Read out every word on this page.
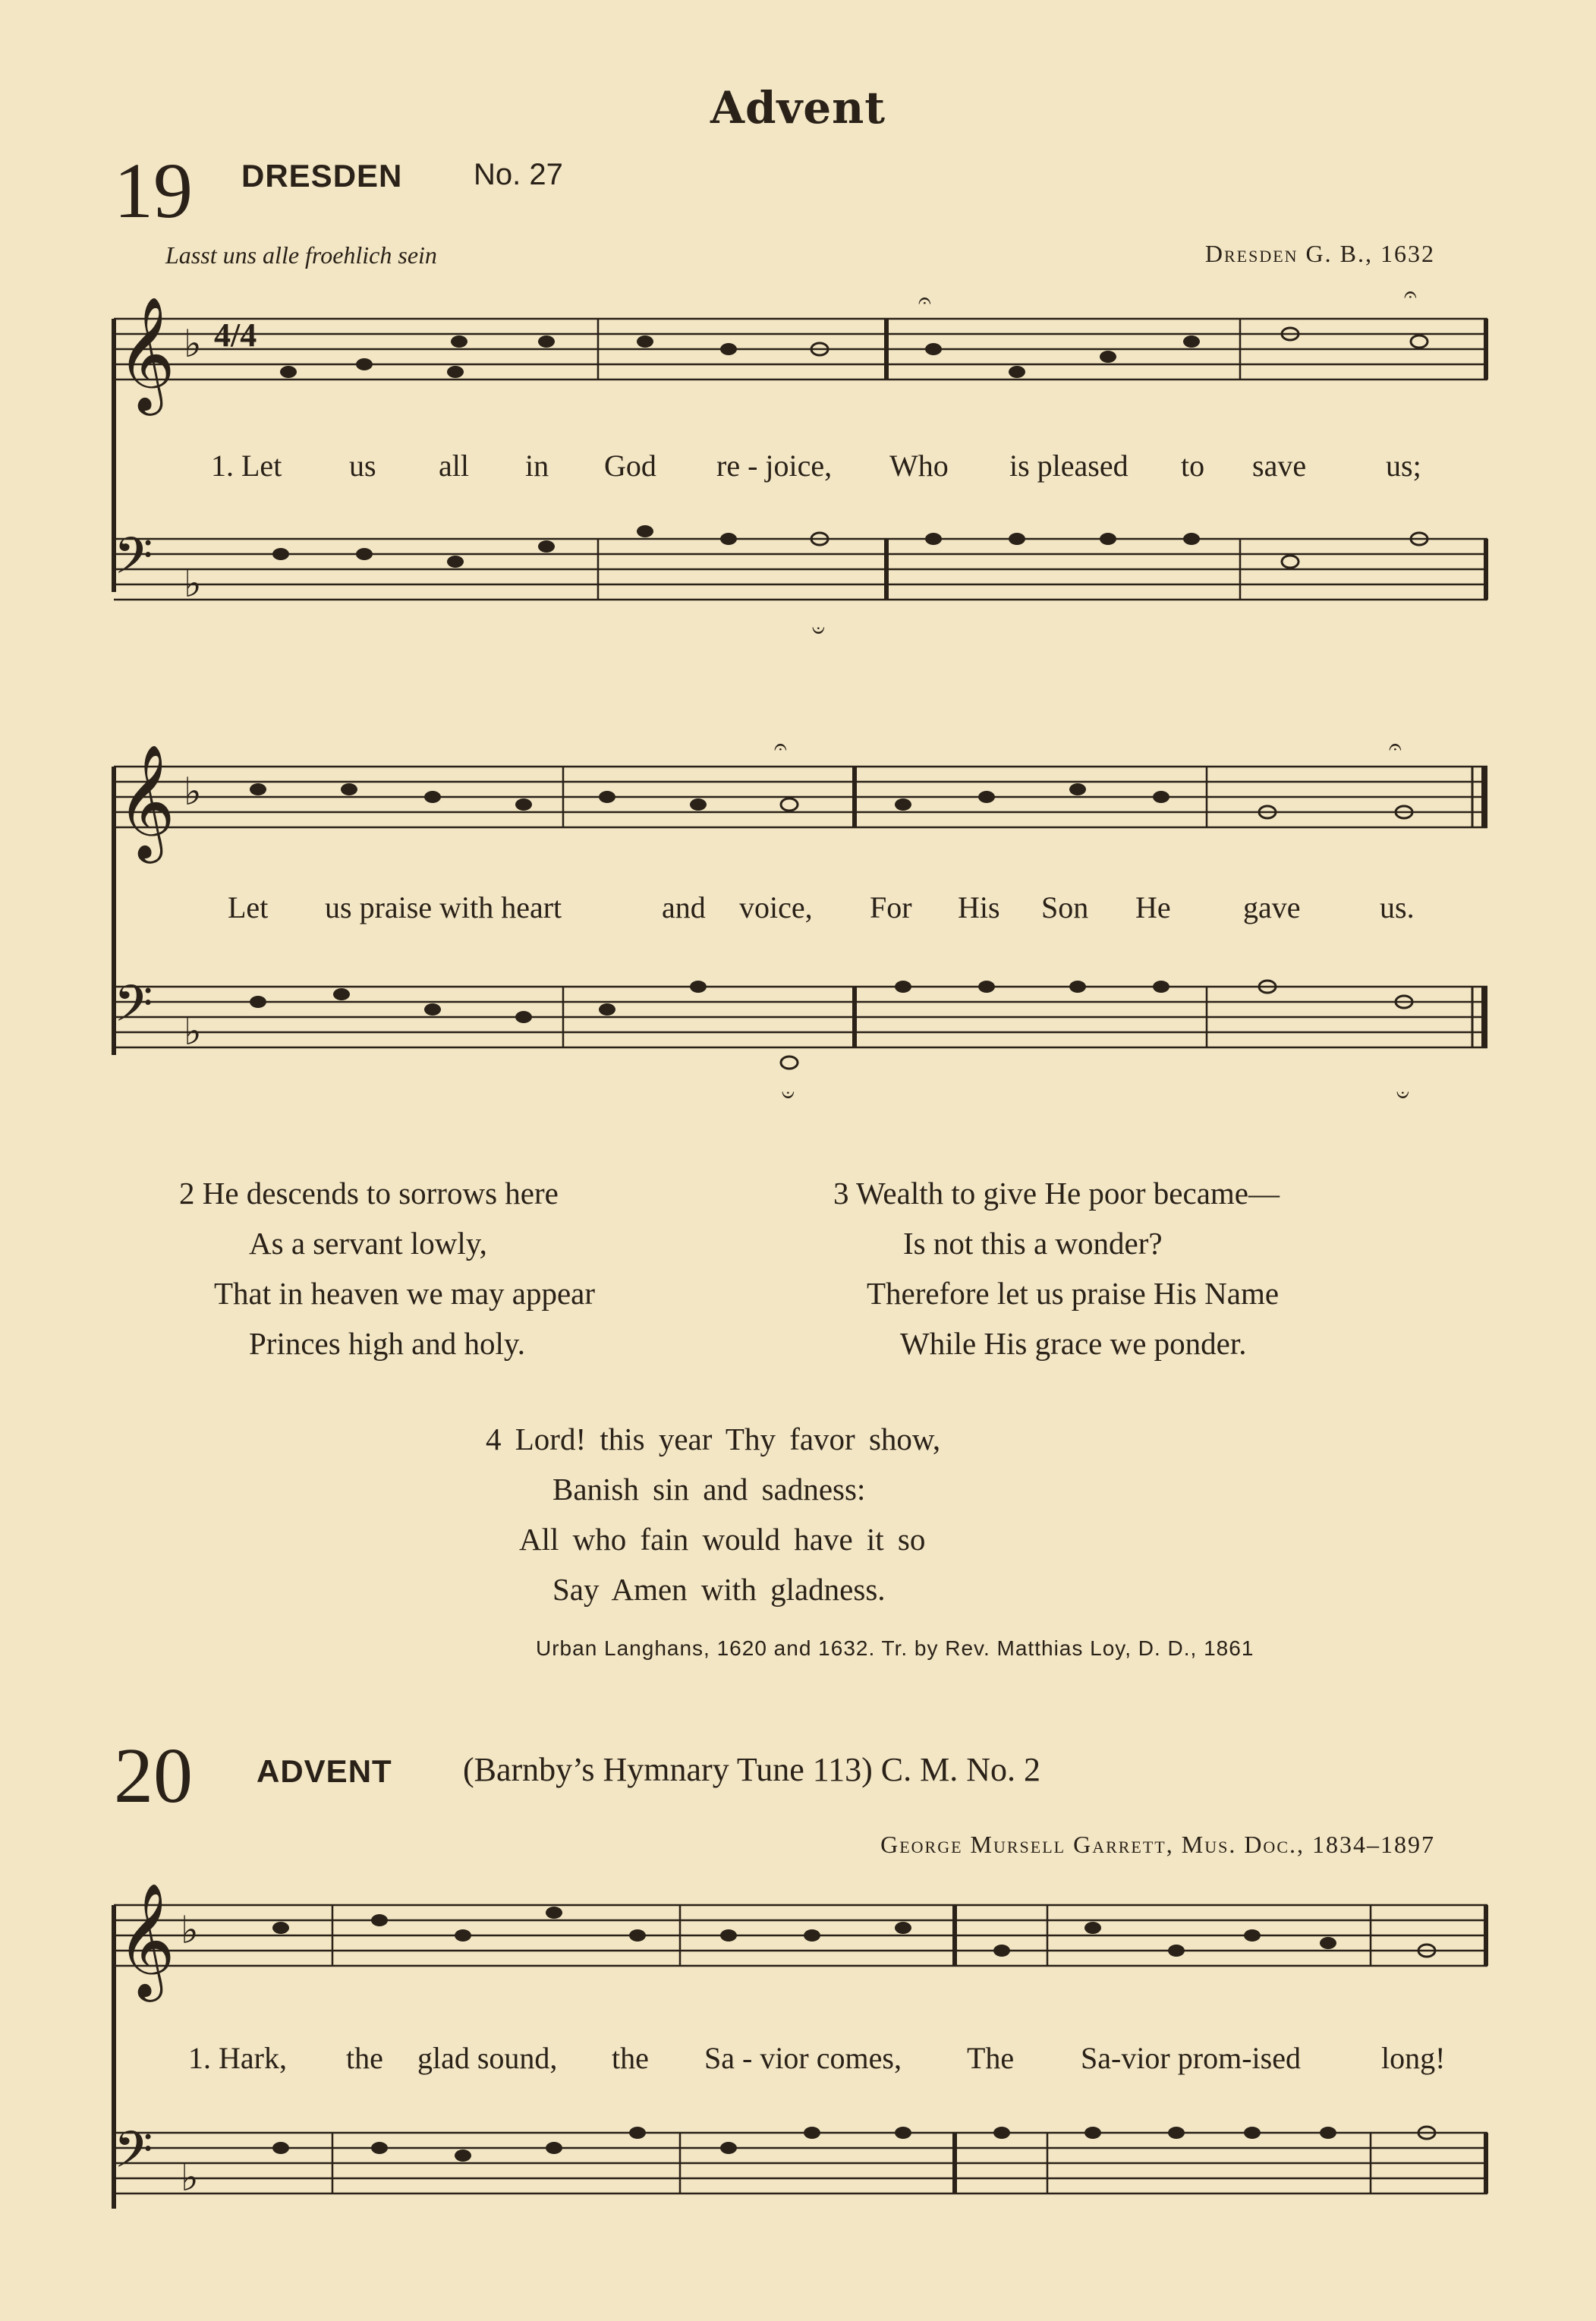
Advent
19 DRESDEN No. 27
Lasst uns alle froehlich sein	Dresden G. B., 1632
𝄞 ♭ 4/4
𝄐	𝄐
1. Let us all in God re - joice, Who is pleased to save	us;
𝄢 ♭
𝄑
𝄞 ♭
𝄐	𝄐
Let us praise with heart	and voice, For His Son He gave	us.
𝄢 ♭
𝄑	𝄑
2 He descends to sorrows here
As a servant lowly,
That in heaven we may appear
Princes high and holy.
3 Wealth to give He poor became—
Is not this a wonder?
Therefore let us praise His Name
While His grace we ponder.
4 Lord! this year Thy favor show,
Banish sin and sadness:
All who fain would have it so
Say Amen with gladness.
Urban Langhans, 1620 and 1632. Tr. by Rev. Matthias Loy, D. D., 1861
20 ADVENT (Barnby’s Hymnary Tune 113) C. M. No. 2
George Mursell Garrett, Mus. Doc., 1834–1897
𝄞 ♭
1. Hark, the glad sound, the Sa - vior comes, The Sa-vior prom-ised	long!
𝄢 ♭
